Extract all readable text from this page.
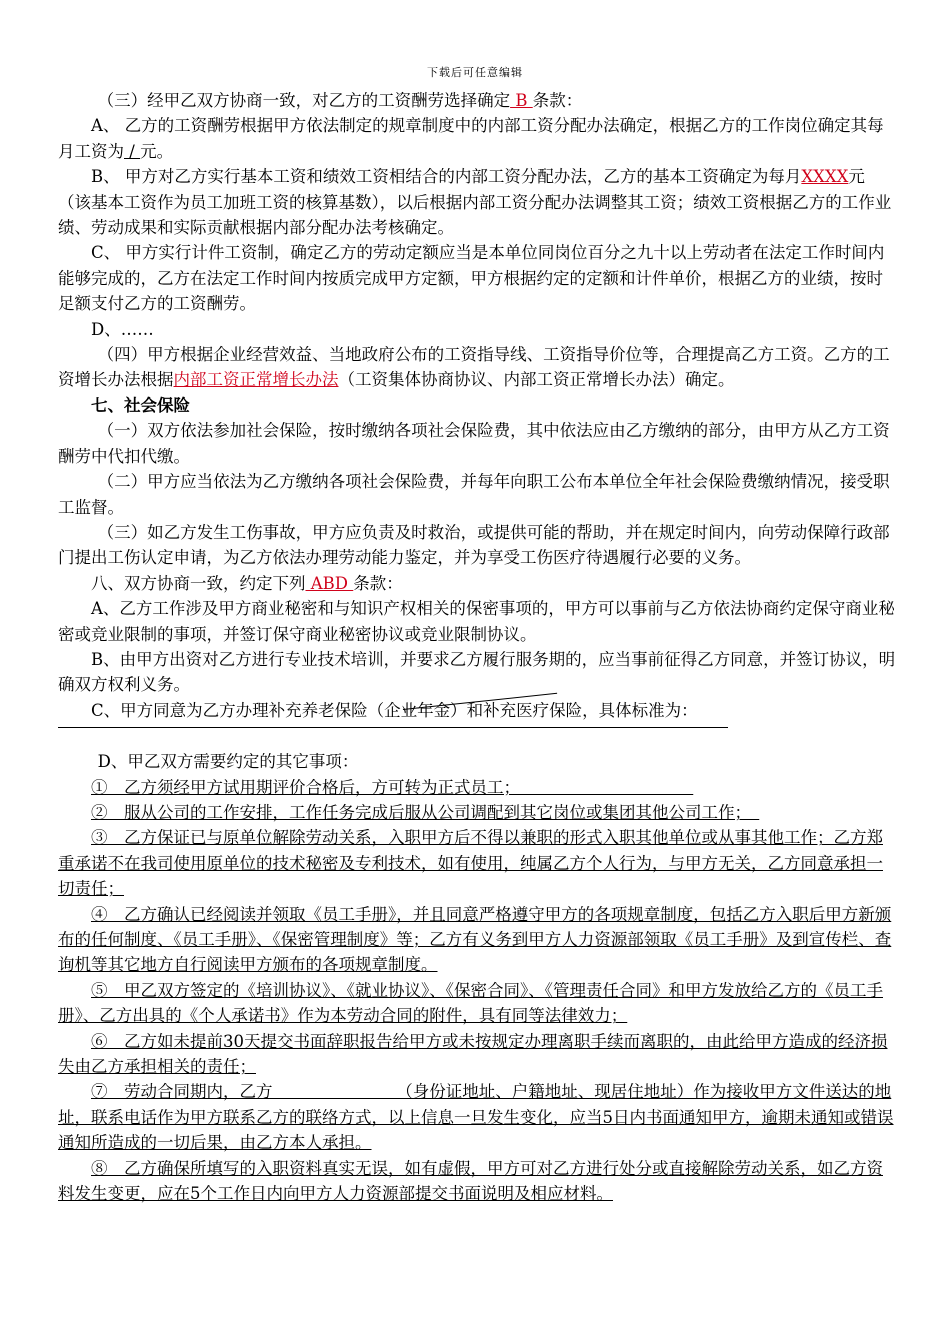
下载后可任意编辑

（三）经甲乙双方协商一致，对乙方的工资酬劳选择确定 B 条款：

A、 乙方的工资酬劳根据甲方依法制定的规章制度中的内部工资分配办法确定，根据乙方的工作岗位确定其每月工资为 / 元。

B、 甲方对乙方实行基本工资和绩效工资相结合的内部工资分配办法，乙方的基本工资确定为每月XXXX元（该基本工资作为员工加班工资的核算基数），以后根据内部工资分配办法调整其工资；绩效工资根据乙方的工作业绩、劳动成果和实际贡献根据内部分配办法考核确定。

C、 甲方实行计件工资制，确定乙方的劳动定额应当是本单位同岗位百分之九十以上劳动者在法定工作时间内能够完成的，乙方在法定工作时间内按质完成甲方定额，甲方根据约定的定额和计件单价，根据乙方的业绩，按时足额支付乙方的工资酬劳。

D、……

（四）甲方根据企业经营效益、当地政府公布的工资指导线、工资指导价位等，合理提高乙方工资。乙方的工资增长办法根据内部工资正常增长办法（工资集体协商协议、内部工资正常增长办法）确定。

七、社会保险

（一）双方依法参加社会保险，按时缴纳各项社会保险费，其中依法应由乙方缴纳的部分，由甲方从乙方工资酬劳中代扣代缴。

（二）甲方应当依法为乙方缴纳各项社会保险费，并每年向职工公布本单位全年社会保险费缴纳情况，接受职工监督。

（三）如乙方发生工伤事故，甲方应负责及时救治，或提供可能的帮助，并在规定时间内，向劳动保障行政部门提出工伤认定申请，为乙方依法办理劳动能力鉴定，并为享受工伤医疗待遇履行必要的义务。

八、双方协商一致，约定下列 ABD 条款：

A、乙方工作涉及甲方商业秘密和与知识产权相关的保密事项的，甲方可以事前与乙方依法协商约定保守商业秘密或竞业限制的事项，并签订保守商业秘密协议或竞业限制协议。

B、由甲方出资对乙方进行专业技术培训，并要求乙方履行服务期的，应当事前征得乙方同意，并签订协议，明确双方权利义务。

C、甲方同意为乙方办理补充养老保险（企业年金）和补充医疗保险，具体标准为：

D、甲乙双方需要约定的其它事项：

①　乙方须经甲方试用期评价合格后，方可转为正式员工；　　　　　　　　　　　

②　服从公司的工作安排，工作任务完成后服从公司调配到其它岗位或集团其他公司工作；　

③　乙方保证已与原单位解除劳动关系，入职甲方后不得以兼职的形式入职其他单位或从事其他工作；乙方郑重承诺不在我司使用原单位的技术秘密及专利技术，如有使用，纯属乙方个人行为，与甲方无关，乙方同意承担一切责任；

④　乙方确认已经阅读并领取《员工手册》，并且同意严格遵守甲方的各项规章制度，包括乙方入职后甲方新颁布的任何制度、《员工手册》、《保密管理制度》等；乙方有义务到甲方人力资源部领取《员工手册》及到宣传栏、查询机等其它地方自行阅读甲方颁布的各项规章制度。

⑤　甲乙双方签定的《培训协议》、《就业协议》、《保密合同》、《管理责任合同》和甲方发放给乙方的《员工手册》、乙方出具的《个人承诺书》作为本劳动合同的附件，具有同等法律效力；

⑥　乙方如未提前30天提交书面辞职报告给甲方或未按规定办理离职手续而离职的，由此给甲方造成的经济损失由乙方承担相关的责任；

⑦　劳动合同期内，乙方　　　　　　　　（身份证地址、户籍地址、现居住地址）作为接收甲方文件送达的地址，联系电话作为甲方联系乙方的联络方式，以上信息一旦发生变化，应当5日内书面通知甲方，逾期未通知或错误通知所造成的一切后果，由乙方本人承担。

⑧　乙方确保所填写的入职资料真实无误，如有虚假，甲方可对乙方进行处分或直接解除劳动关系，如乙方资料发生变更，应在5个工作日内向甲方人力资源部提交书面说明及相应材料。
